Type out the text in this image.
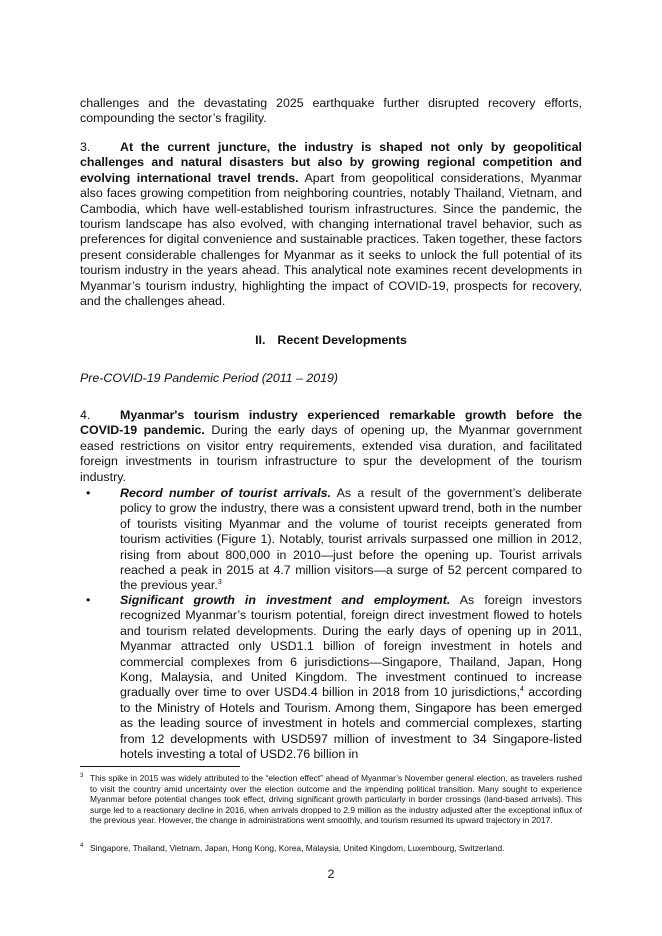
challenges and the devastating 2025 earthquake further disrupted recovery efforts, compounding the sector’s fragility.
3. At the current juncture, the industry is shaped not only by geopolitical challenges and natural disasters but also by growing regional competition and evolving international travel trends. Apart from geopolitical considerations, Myanmar also faces growing competition from neighboring countries, notably Thailand, Vietnam, and Cambodia, which have well-established tourism infrastructures. Since the pandemic, the tourism landscape has also evolved, with changing international travel behavior, such as preferences for digital convenience and sustainable practices. Taken together, these factors present considerable challenges for Myanmar as it seeks to unlock the full potential of its tourism industry in the years ahead. This analytical note examines recent developments in Myanmar’s tourism industry, highlighting the impact of COVID-19, prospects for recovery, and the challenges ahead.
II. Recent Developments
Pre-COVID-19 Pandemic Period (2011 – 2019)
4. Myanmar's tourism industry experienced remarkable growth before the COVID-19 pandemic. During the early days of opening up, the Myanmar government eased restrictions on visitor entry requirements, extended visa duration, and facilitated foreign investments in tourism infrastructure to spur the development of the tourism industry.
• Record number of tourist arrivals. As a result of the government’s deliberate policy to grow the industry, there was a consistent upward trend, both in the number of tourists visiting Myanmar and the volume of tourist receipts generated from tourism activities (Figure 1). Notably, tourist arrivals surpassed one million in 2012, rising from about 800,000 in 2010—just before the opening up. Tourist arrivals reached a peak in 2015 at 4.7 million visitors—a surge of 52 percent compared to the previous year.$^3$
• Significant growth in investment and employment. As foreign investors recognized Myanmar’s tourism potential, foreign direct investment flowed to hotels and tourism related developments. During the early days of opening up in 2011, Myanmar attracted only USD1.1 billion of foreign investment in hotels and commercial complexes from 6 jurisdictions—Singapore, Thailand, Japan, Hong Kong, Malaysia, and United Kingdom. The investment continued to increase gradually over time to over USD4.4 billion in 2018 from 10 jurisdictions,$^4$ according to the Ministry of Hotels and Tourism. Among them, Singapore has been emerged as the leading source of investment in hotels and commercial complexes, starting from 12 developments with USD597 million of investment to 34 Singapore-listed hotels investing a total of USD2.76 billion in
3 This spike in 2015 was widely attributed to the “election effect” ahead of Myanmar’s November general election, as travelers rushed to visit the country amid uncertainty over the election outcome and the impending political transition. Many sought to experience Myanmar before potential changes took effect, driving significant growth particularly in border crossings (land-based arrivals). This surge led to a reactionary decline in 2016, when arrivals dropped to 2.9 million as the industry adjusted after the exceptional influx of the previous year. However, the change in administrations went smoothly, and tourism resumed its upward trajectory in 2017.
4 Singapore, Thailand, Vietnam, Japan, Hong Kong, Korea, Malaysia, United Kingdom, Luxembourg, Switzerland.
2
